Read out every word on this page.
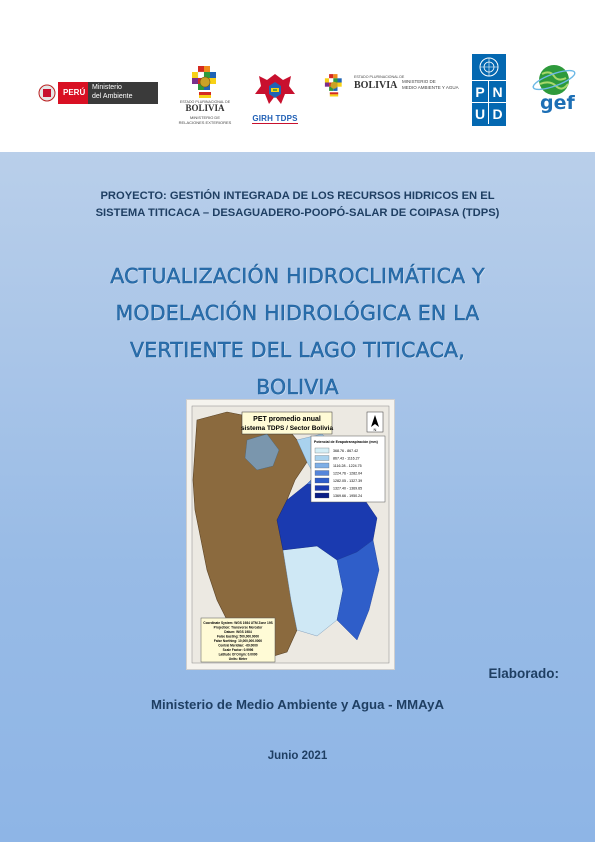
PERÚ
Ministerio
del Ambiente
ESTADO PLURINACIONAL DE
BOLIVIA
MINISTERIO DE
RELACIONES EXTERIORES	GIRH TDPS
ESTADO PLURINACIONAL DE
BOLIVIA MINISTERIO DE
MEDIO AMBIENTE Y AGUA P N
U D gef
PROYECTO: GESTIÓN INTEGRADA DE LOS RECURSOS HIDRICOS EN EL
SISTEMA TITICACA – DESAGUADERO-POOPÓ-SALAR DE COIPASA (TDPS)
ACTUALIZACIÓN HIDROCLIMÁTICA Y
MODELACIÓN HIDROLÓGICA EN LA
VERTIENTE DEL LAGO TITICACA,
BOLIVIA
PET promedio anual
sistema TDPS / Sector Bolivia	N
Potencial de Evapotranspiración (mm)
368.76 - 867.42
867.43 - 1116.27
1116.28 - 1224.75
1224.76 - 1282.04
1282.05 - 1327.39
1327.40 - 1369.65
1369.66 - 1950.24
Coordinate System: WGS 1984 UTM Zone 19S
Projection: Transverse Mercator
Datum: WGS 1984
False Easting: 500,000.0000
False Northing: 10,000,000.0000
Central Meridian: -69.0000
Scale Factor: 0.9996
Latitude Of Origin: 0.0000
Units: Meter
Elaborado:
Ministerio de Medio Ambiente y Agua - MMAyA
Junio 2021
